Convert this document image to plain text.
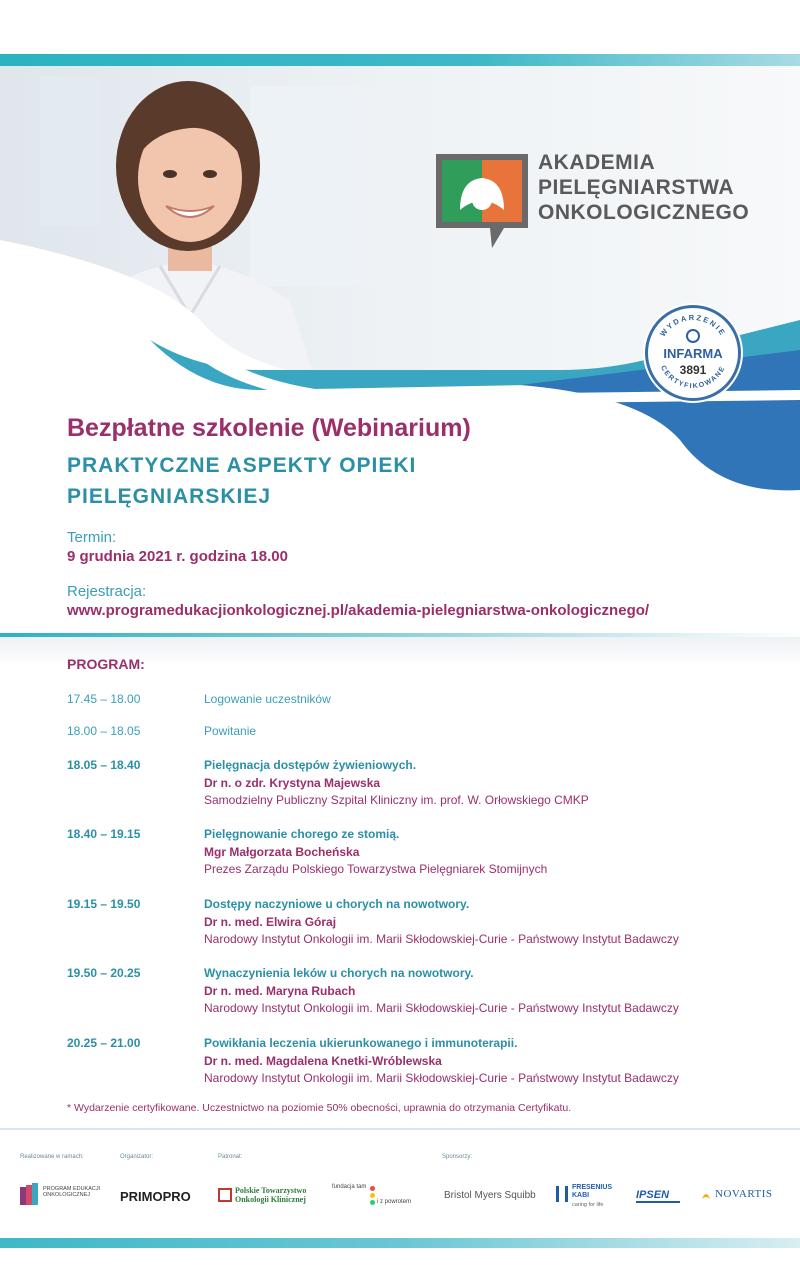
AKADEMIA
PIELĘGNIARSTWA
ONKOLOGICZNEGO
WYDARZENIE
CERTYFIKOWANE
INFARMA
3891
Bezpłatne szkolenie (Webinarium)
PRAKTYCZNE ASPEKTY OPIEKI PIELĘGNIARSKIEJ
Termin:
9 grudnia 2021 r. godzina 18.00
Rejestracja:
www.programedukacjionkologicznej.pl/akademia-pielegniarstwa-onkologicznego/
PROGRAM:
17.45 – 18.00	Logowanie uczestników
18.00 – 18.05	Powitanie
18.05 – 18.40	Pielęgnacja dostępów żywieniowych.
Dr n. o zdr. Krystyna Majewska
Samodzielny Publiczny Szpital Kliniczny im. prof. W. Orłowskiego CMKP
18.40 – 19.15	Pielęgnowanie chorego ze stomią.
Mgr Małgorzata Bocheńska
Prezes Zarządu Polskiego Towarzystwa Pielęgniarek Stomijnych
19.15 – 19.50	Dostępy naczyniowe u chorych na nowotwory.
Dr n. med. Elwira Góraj
Narodowy Instytut Onkologii im. Marii Skłodowskiej-Curie - Państwowy Instytut Badawczy
19.50 – 20.25	Wynaczynienia leków u chorych na nowotwory.
Dr n. med. Maryna Rubach
Narodowy Instytut Onkologii im. Marii Skłodowskiej-Curie - Państwowy Instytut Badawczy
20.25 – 21.00	Powikłania leczenia ukierunkowanego i immunoterapii.
Dr n. med. Magdalena Knetki-Wróblewska
Narodowy Instytut Onkologii im. Marii Skłodowskiej-Curie - Państwowy Instytut Badawczy
* Wydarzenie certyfikowane. Uczestnictwo na poziomie 50% obecności, uprawnia do otrzymania Certyfikatu.
Realizowane w ramach:	Organizator:	Patronat:	Sponsorzy:
PROGRAM EDUKACJI ONKOLOGICZNEJ	PRIMOPRO	Polskie Towarzystwo
Onkologii Klinicznej
fundacja tam
i z powrotem
Bristol Myers Squibb
FRESENIUS
KABI
caring for life
IPSEN	NOVARTIS
